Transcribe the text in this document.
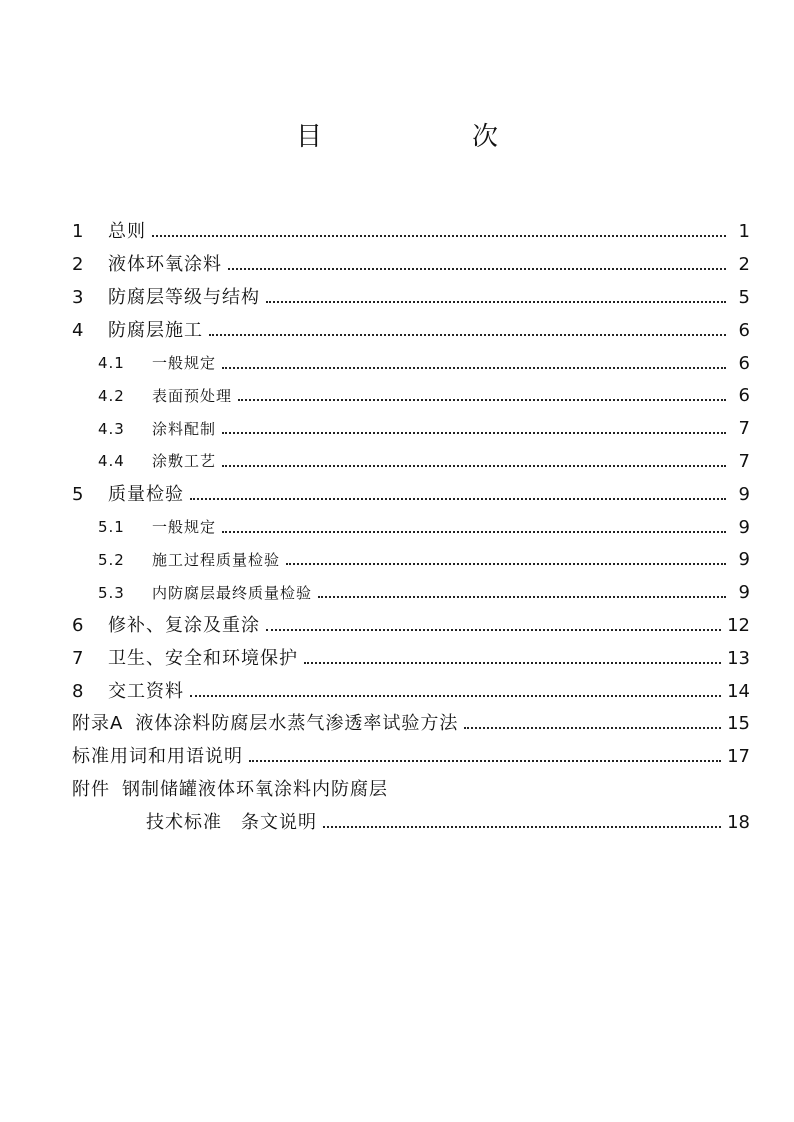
目　次
1	总则	1
2	液体环氧涂料	2
3	防腐层等级与结构	5
4	防腐层施工	6
4.1	一般规定	6
4.2	表面预处理	6
4.3	涂料配制	7
4.4	涂敷工艺	7
5	质量检验	9
5.1	一般规定	9
5.2	施工过程质量检验	9
5.3	内防腐层最终质量检验	9
6	修补、复涂及重涂	12
7	卫生、安全和环境保护	13
8	交工资料	14
附录A 液体涂料防腐层水蒸气渗透率试验方法	15
标准用词和用语说明	17
附件 钢制储罐液体环氧涂料内防腐层
技术标准　条文说明	18
